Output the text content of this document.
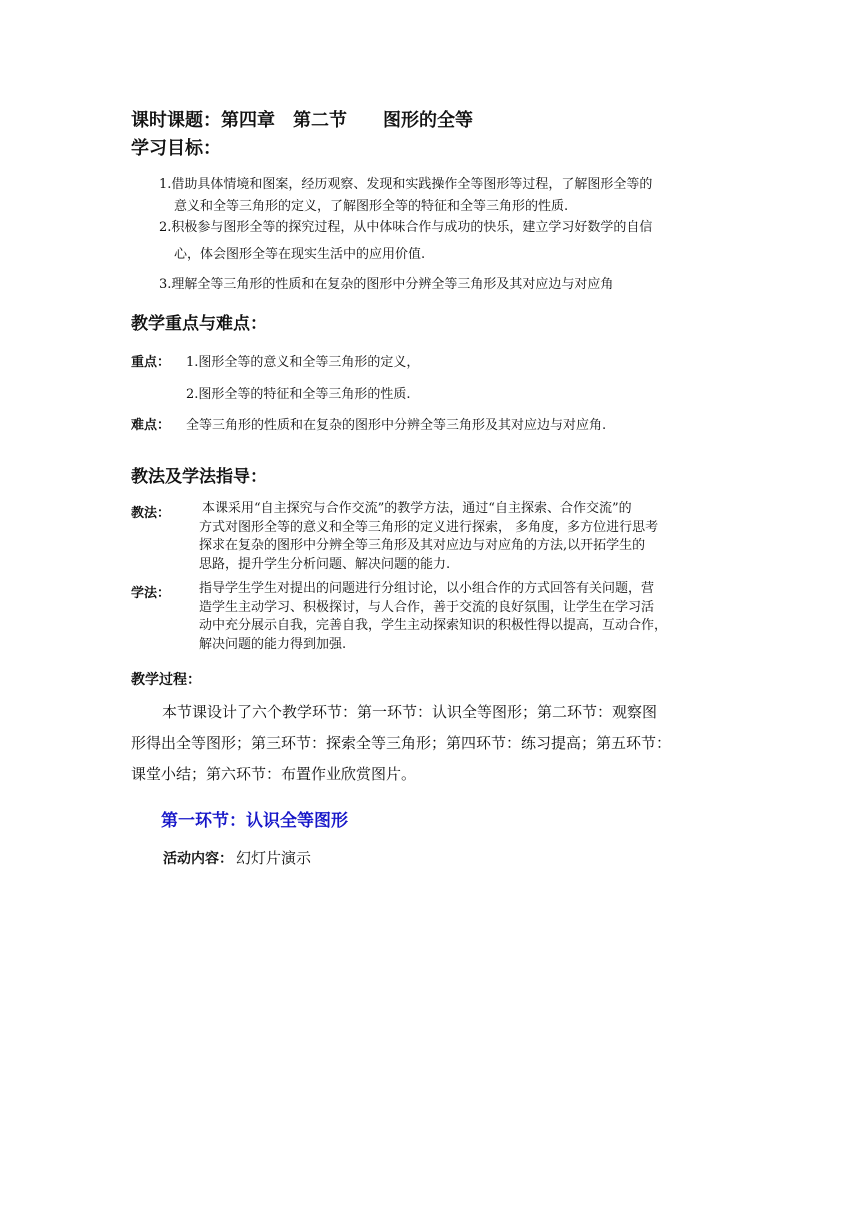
课时课题：第四章　第二节　　图形的全等
学习目标：
1.借助具体情境和图案，经历观察、发现和实践操作全等图形等过程，了解图形全等的
意义和全等三角形的定义，了解图形全等的特征和全等三角形的性质.
2.积极参与图形全等的探究过程，从中体味合作与成功的快乐，建立学习好数学的自信
心，体会图形全等在现实生活中的应用价值.
3.理解全等三角形的性质和在复杂的图形中分辨全等三角形及其对应边与对应角
教学重点与难点：
重点： 1.图形全等的意义和全等三角形的定义，
2.图形全等的特征和全等三角形的性质.
难点： 全等三角形的性质和在复杂的图形中分辨全等三角形及其对应边与对应角.
教法及学法指导：
教法： 本课采用“自主探究与合作交流”的教学方法，通过“自主探索、合作交流”的
方式对图形全等的意义和全等三角形的定义进行探索， 多角度，多方位进行思考
探求在复杂的图形中分辨全等三角形及其对应边与对应角的方法,以开拓学生的
思路，提升学生分析问题、解决问题的能力.
学法： 指导学生学生对提出的问题进行分组讨论，以小组合作的方式回答有关问题，营
造学生主动学习、积极探讨，与人合作，善于交流的良好氛围，让学生在学习活
动中充分展示自我，完善自我，学生主动探索知识的积极性得以提高，互动合作，
解决问题的能力得到加强.
教学过程：
本节课设计了六个教学环节：第一环节：认识全等图形；第二环节：观察图
形得出全等图形；第三环节：探索全等三角形；第四环节：练习提高；第五环节：
课堂小结；第六环节：布置作业欣赏图片。
第一环节：认识全等图形
活动内容： 幻灯片演示
